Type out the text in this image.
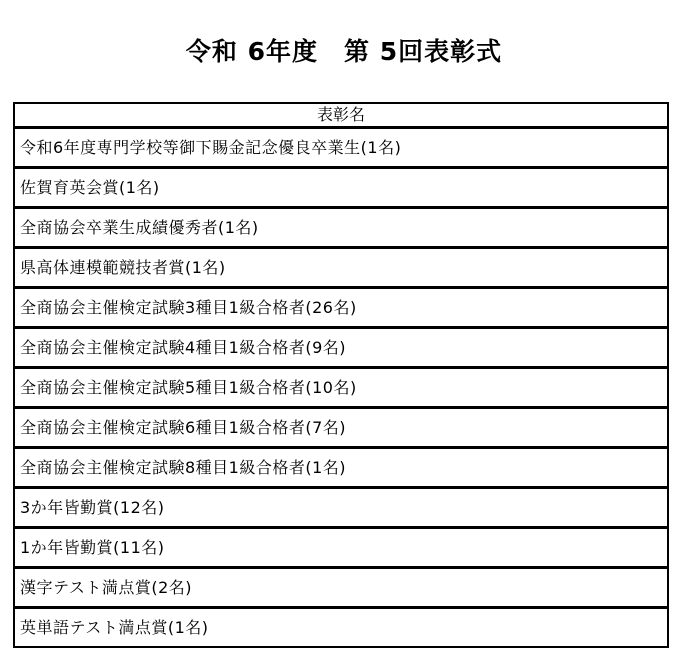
令和 6年度　第 5回表彰式
表彰名
令和6年度専門学校等御下賜金記念優良卒業生(1名)
佐賀育英会賞(1名)
全商協会卒業生成績優秀者(1名)
県高体連模範競技者賞(1名)
全商協会主催検定試験3種目1級合格者(26名)
全商協会主催検定試験4種目1級合格者(9名)
全商協会主催検定試験5種目1級合格者(10名)
全商協会主催検定試験6種目1級合格者(7名)
全商協会主催検定試験8種目1級合格者(1名)
3か年皆勤賞(12名)
1か年皆勤賞(11名)
漢字テスト満点賞(2名)
英単語テスト満点賞(1名)
